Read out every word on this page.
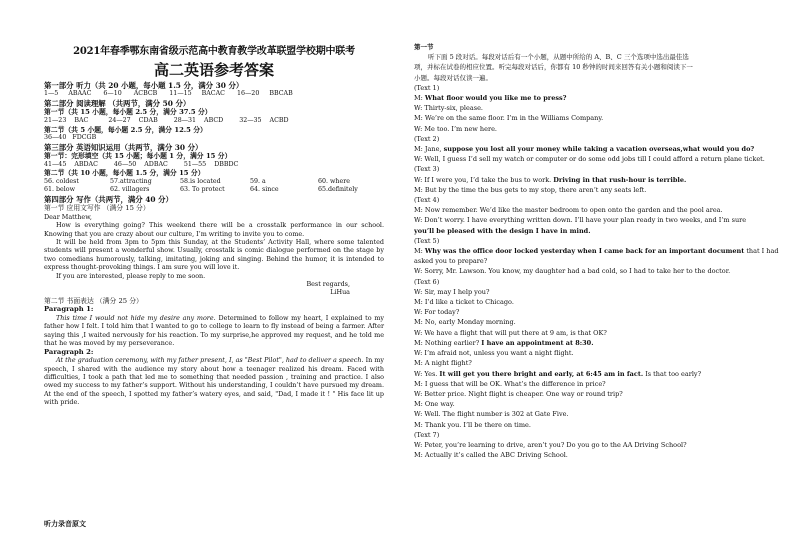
2021年春季鄂东南省级示范高中教育教学改革联盟学校期中联考
高二英语参考答案
第一部分 听力（共 20 小题，每小题 1.5 分，满分 30 分）
1—5     ABAAC      6—10      ACBCB      11—15     BACAC      16—20     BBCAB
第二部分 阅读理解 （共两节，满分 50 分）
第一节（共 15 小题，每小题 2.5 分，满分 37.5 分）
21—23    BAC          24—27    CDAB        28—31    ABCD        32—35    ACBD
第二节（共 5 小题，每小题 2.5 分，满分 12.5 分）
36—40   FDCGB
第三部分 英语知识运用（共两节，满分 30 分）
第一节：完形填空（共 15 小题；每小题 1 分，满分 15 分）
41—45    ABDAC        46—50    ADBAC        51—55    DBBDC
第二节（共 10 小题，每小题 1.5 分，满分 15 分）
56. coldest	57.attracting	58.is located	59. a	60. where
61. below	62. villagers	63. To protect	64. since	65.definitely
第四部分 写作（共两节，满分 40 分）
第一节 应用文写作 （满分 15 分）
Dear Matthew,
How is everything going? This weekend there will be a crosstalk performance in our school. Knowing that you are crazy about our culture, I’m writing to invite you to come.
It will be held from 3pm to 5pm this Sunday, at the Students’ Activity Hall, where some talented students will present a wonderful show. Usually, crosstalk is comic dialogue performed on the stage by two comedians humorously, talking, imitating, joking and singing. Behind the humor, it is intended to express thought-provoking things. I am sure you will love it.
If you are interested, please reply to me soon.
Best regards,
LiHua
第二节 书面表达 （满分 25 分）
Paragraph 1:
This time I would not hide my desire any more. Determined to follow my heart, I explained to my father how I felt. I told him that I wanted to go to college to learn to fly instead of being a farmer. After saying this ,I waited nervously for his reaction. To my surprise,he approved my request, and he told me that he was moved by my perseverance.
Paragraph 2:
At the graduation ceremony, with my father present, I, as "Best Pilot", had to deliver a speech. In my speech, I shared with the audience my story about how a teenager realized his dream. Faced with difficulties, I took a path that led me to something that needed passion , training and practice. I also owed my success to my father’s support. Without his understanding, I couldn’t have pursued my dream. At the end of the speech, I spotted my father’s watery eyes, and said, "Dad, I made it ! " His face lit up with pride.
听力录音原文
第一节
听下面 5 段对话。每段对话后有一个小题，从题中所给的 A、B、C 三个选项中选出最佳选
项，并标在试卷的相应位置。听完每段对话后，你都有 10 秒钟的时间来回答有关小题和阅读下一
小题。每段对话仅读一遍。
(Text 1)
M: What floor would you like me to press?
W: Thirty-six, please.
M: We’re on the same floor. I’m in the Williams Company.
W: Me too. I’m new here.
(Text 2)
M: Jane, suppose you lost all your money while taking a vacation overseas,what would you do?
W: Well, I guess I’d sell my watch or computer or do some odd jobs till I could afford a return plane ticket.
(Text 3)
W: If I were you, I’d take the bus to work. Driving in that rush-hour is terrible.
M: But by the time the bus gets to my stop, there aren’t any seats left.
(Text 4)
M: Now remember. We’d like the master bedroom to open onto the garden and the pool area.
W: Don’t worry. I have everything written down. I’ll have your plan ready in two weeks, and I’m sure
you’ll be pleased with the design I have in mind.
(Text 5)
M: Why was the office door locked yesterday when I came back for an important document that I had
asked you to prepare?
W: Sorry, Mr. Lawson. You know, my daughter had a bad cold, so I had to take her to the doctor.
(Text 6)
W: Sir, may I help you?
M: I’d like a ticket to Chicago.
W: For today?
M: No, early Monday morning.
W: We have a flight that will put there at 9 am, is that OK?
M: Nothing earlier? I have an appointment at 8:30.
W: I’m afraid not, unless you want a night flight.
M: A night flight?
W: Yes. It will get you there bright and early, at 6:45 am in fact. Is that too early?
M: I guess that will be OK. What’s the difference in price?
W: Better price. Night flight is cheaper. One way or round trip?
M: One way.
W: Well. The flight number is 302 at Gate Five.
M: Thank you. I’ll be there on time.
(Text 7)
W: Peter, you’re learning to drive, aren’t you? Do you go to the AA Driving School?
M: Actually it’s called the ABC Driving School.
